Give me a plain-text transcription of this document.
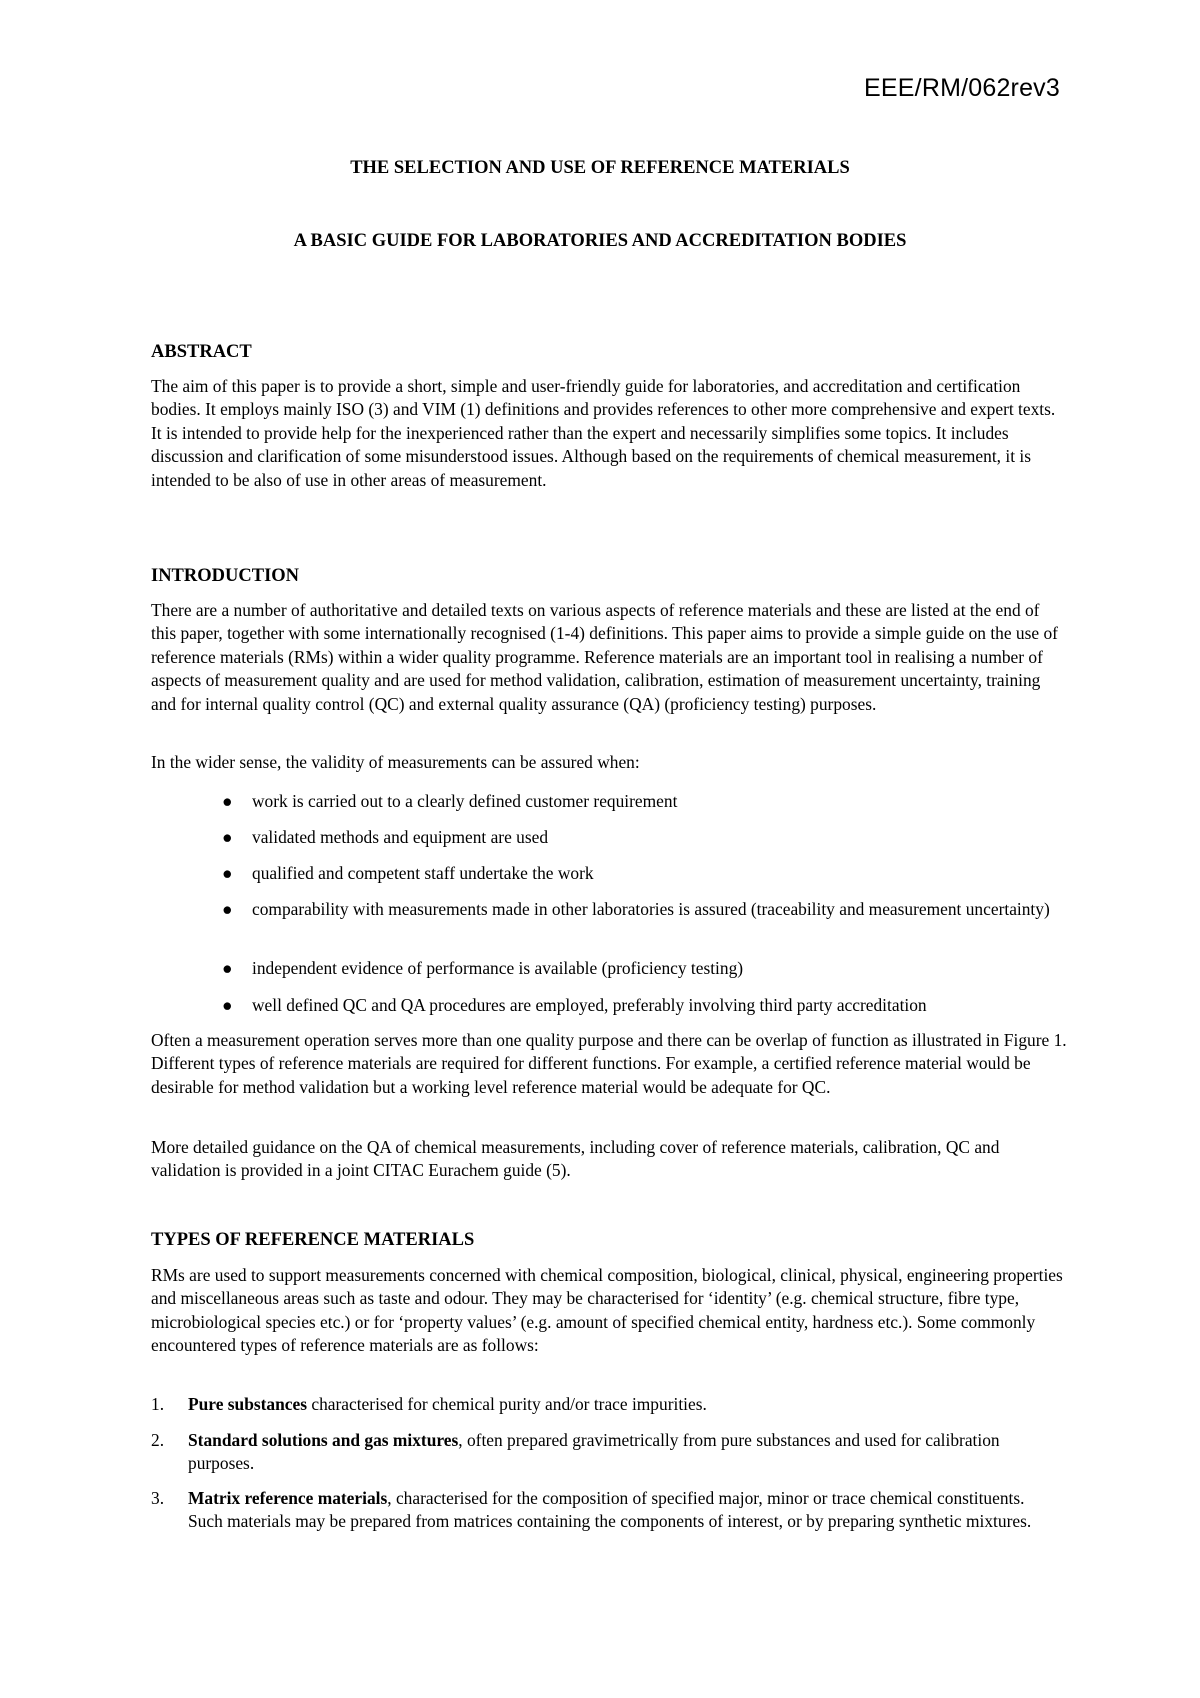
EEE/RM/062rev3
THE SELECTION AND USE OF REFERENCE MATERIALS
A BASIC GUIDE FOR LABORATORIES AND ACCREDITATION BODIES
ABSTRACT

The aim of this paper is to provide a short, simple and user-friendly guide for laboratories, and accreditation and certification bodies. It employs mainly ISO (3) and VIM (1) definitions and provides references to other more comprehensive and expert texts. It is intended to provide help for the inexperienced rather than the expert and necessarily simplifies some topics. It includes discussion and clarification of some misunderstood issues. Although based on the requirements of chemical measurement, it is intended to be also of use in other areas of measurement.

INTRODUCTION

There are a number of authoritative and detailed texts on various aspects of reference materials and these are listed at the end of this paper, together with some internationally recognised (1-4) definitions. This paper aims to provide a simple guide on the use of reference materials (RMs) within a wider quality programme. Reference materials are an important tool in realising a number of aspects of measurement quality and are used for method validation, calibration, estimation of measurement uncertainty, training and for internal quality control (QC) and external quality assurance (QA) (proficiency testing) purposes.

In the wider sense, the validity of measurements can be assured when:

●	work is carried out to a clearly defined customer requirement
●	validated methods and equipment are used
●	qualified and competent staff undertake the work
●	comparability with measurements made in other laboratories is assured (traceability and measurement uncertainty)
●	independent evidence of performance is available (proficiency testing)
●	well defined QC and QA procedures are employed, preferably involving third party accreditation

Often a measurement operation serves more than one quality purpose and there can be overlap of function as illustrated in Figure 1. Different types of reference materials are required for different functions. For example, a certified reference material would be desirable for method validation but a working level reference material would be adequate for QC.

More detailed guidance on the QA of chemical measurements, including cover of reference materials, calibration, QC and validation is provided in a joint CITAC Eurachem guide (5).

TYPES OF REFERENCE MATERIALS

RMs are used to support measurements concerned with chemical composition, biological, clinical, physical, engineering properties and miscellaneous areas such as taste and odour. They may be characterised for ‘identity’ (e.g. chemical structure, fibre type, microbiological species etc.) or for ‘property values’ (e.g. amount of specified chemical entity, hardness etc.). Some commonly encountered types of reference materials are as follows:

1.	Pure substances characterised for chemical purity and/or trace impurities.
2.	Standard solutions and gas mixtures, often prepared gravimetrically from pure substances and used for calibration purposes.
3.	Matrix reference materials, characterised for the composition of specified major, minor or trace chemical constituents. Such materials may be prepared from matrices containing the components of interest, or by preparing synthetic mixtures.
